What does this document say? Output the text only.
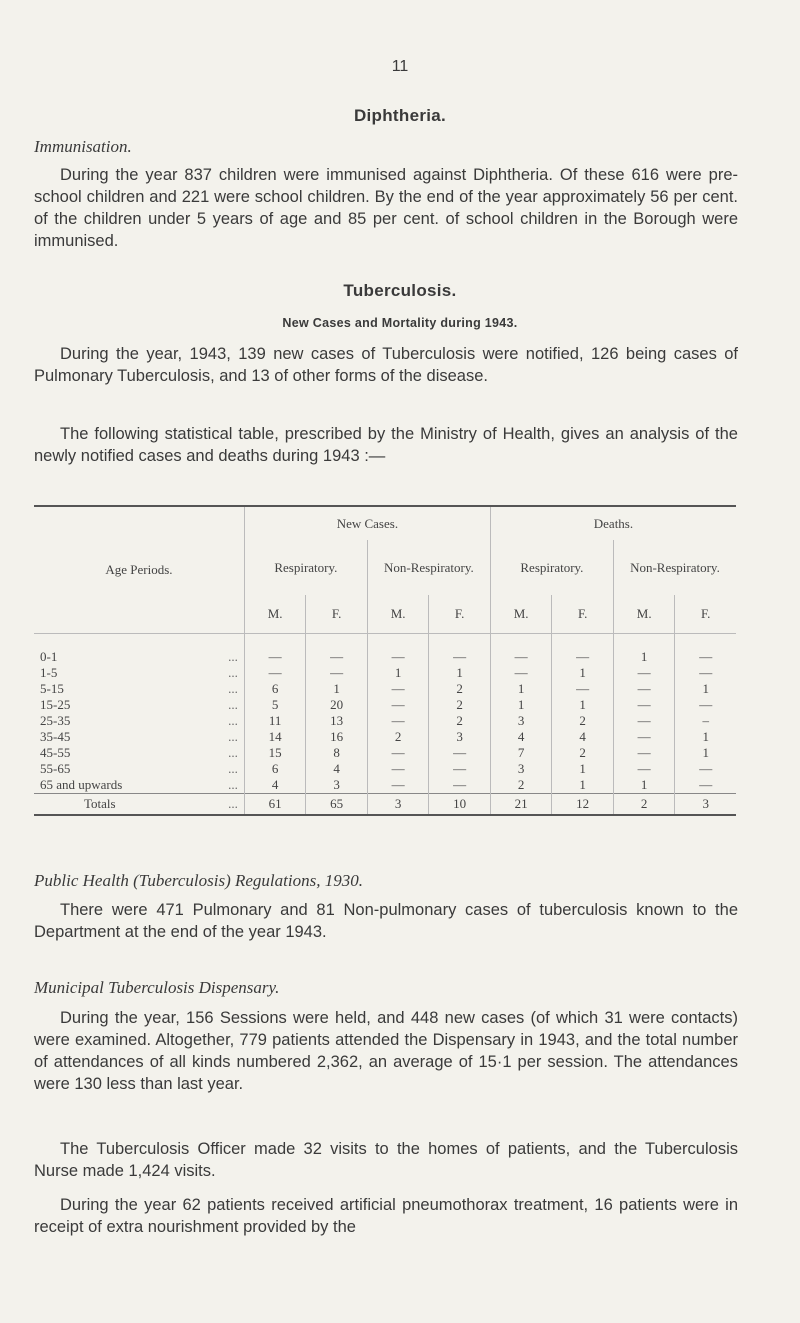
11
Diphtheria.
Immunisation.
During the year 837 children were immunised against Diphtheria. Of these 616 were pre-school children and 221 were school children. By the end of the year approximately 56 per cent. of the children under 5 years of age and 85 per cent. of school children in the Borough were immunised.
Tuberculosis.
New Cases and Mortality during 1943.
During the year, 1943, 139 new cases of Tuberculosis were notified, 126 being cases of Pulmonary Tuberculosis, and 13 of other forms of the disease.
The following statistical table, prescribed by the Ministry of Health, gives an analysis of the newly notified cases and deaths during 1943 :—
Age Periods.	New Cases.				Deaths.			
	Respiratory.		Non-Respiratory.		Respiratory.		Non-Respiratory.	
	M.	F.	M.	F.	M.	F.	M.	F.

0-1 ...	—	—	—	—	—	—	1	—
1-5 ...	—	—	1	1	—	1	—	—
5-15 ...	6	1	—	2	1	—	—	1
15-25 ...	5	20	—	2	1	1	—	—
25-35 ...	11	13	—	2	3	2	—	–
35-45 ...	14	16	2	3	4	4	—	1
45-55 ...	15	8	—	—	7	2	—	1
55-65 ...	6	4	—	—	3	1	—	—
65 and upwards ...	4	3	—	—	2	1	1	—
Totals ...	61	65	3	10	21	12	2	3
Public Health (Tuberculosis) Regulations, 1930.
There were 471 Pulmonary and 81 Non-pulmonary cases of tuberculosis known to the Department at the end of the year 1943.
Municipal Tuberculosis Dispensary.
During the year, 156 Sessions were held, and 448 new cases (of which 31 were contacts) were examined. Altogether, 779 patients attended the Dispensary in 1943, and the total number of attendances of all kinds numbered 2,362, an average of 15·1 per session. The attendances were 130 less than last year.
The Tuberculosis Officer made 32 visits to the homes of patients, and the Tuberculosis Nurse made 1,424 visits.
During the year 62 patients received artificial pneumothorax treatment, 16 patients were in receipt of extra nourishment provided by the
